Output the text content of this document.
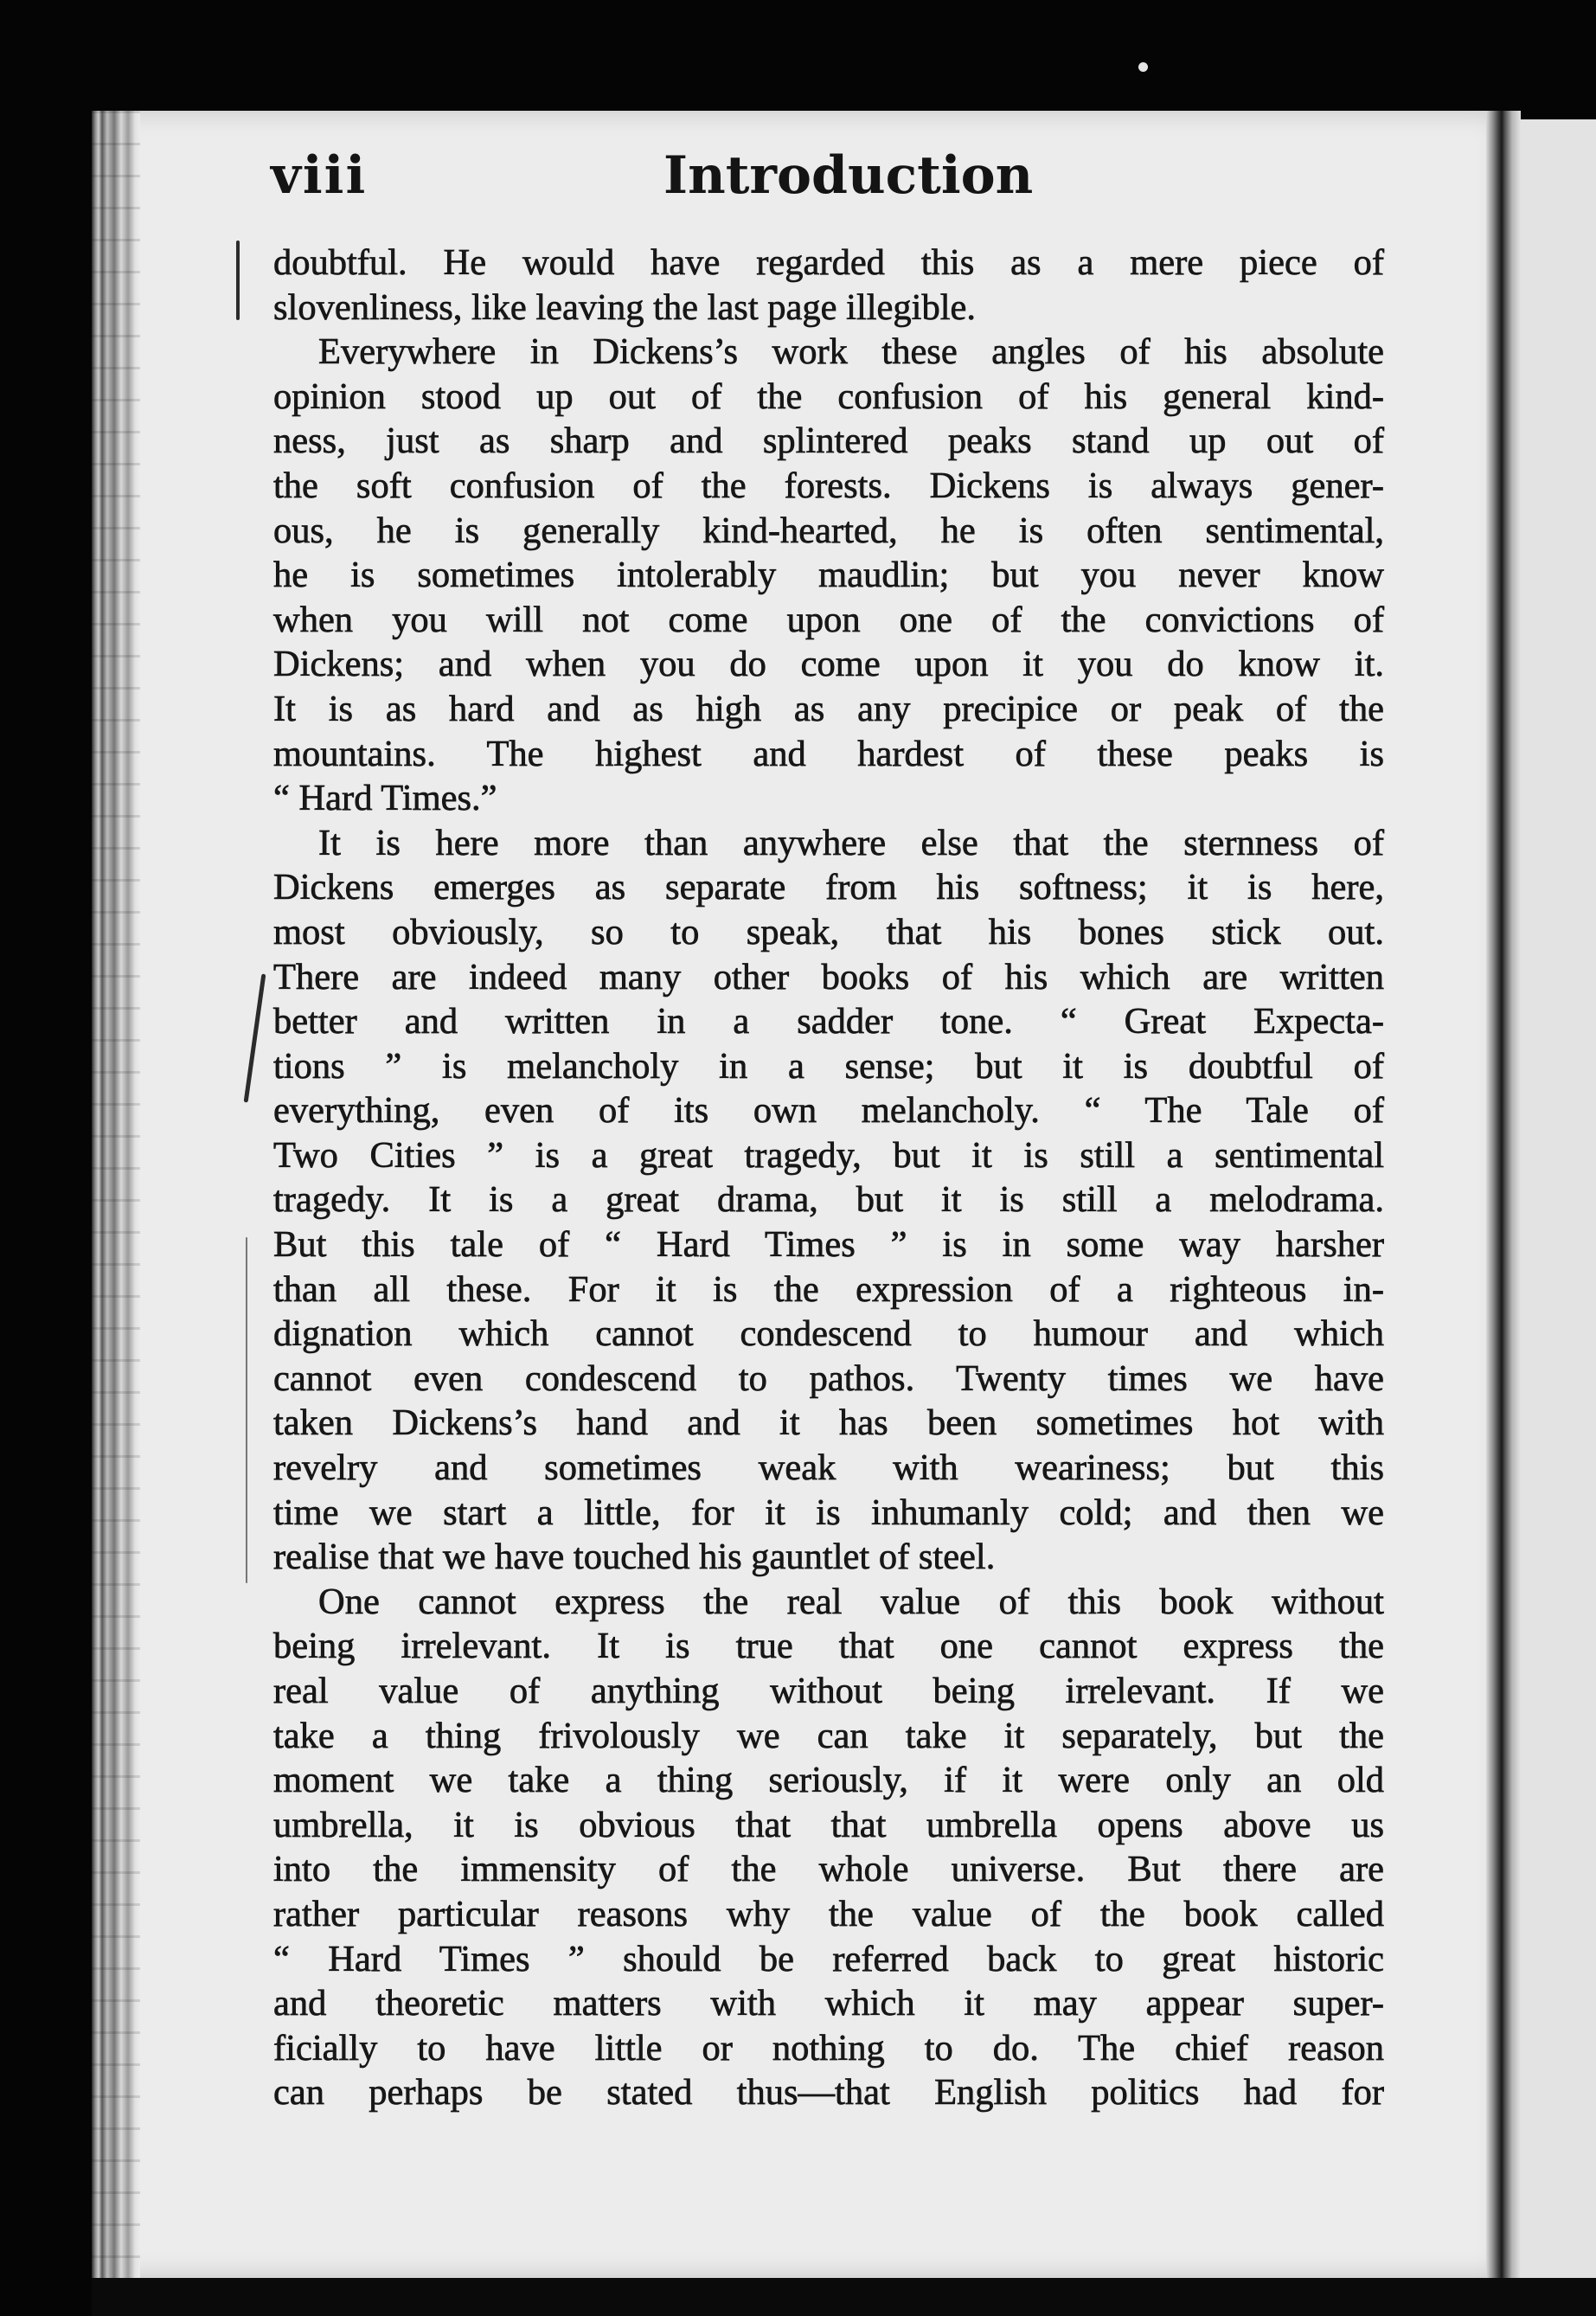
viii	Introduction

doubtful. He would have regarded this as a mere piece of
slovenliness, like leaving the last page illegible.

Everywhere in Dickens’s work these angles of his absolute
opinion stood up out of the confusion of his general kind-
ness, just as sharp and splintered peaks stand up out of
the soft confusion of the forests. Dickens is always gener-
ous, he is generally kind-hearted, he is often sentimental,
he is sometimes intolerably maudlin; but you never know
when you will not come upon one of the convictions of
Dickens; and when you do come upon it you do know it.
It is as hard and as high as any precipice or peak of the
mountains. The highest and hardest of these peaks is
“ Hard Times.”

It is here more than anywhere else that the sternness of
Dickens emerges as separate from his softness; it is here,
most obviously, so to speak, that his bones stick out.
There are indeed many other books of his which are written
better and written in a sadder tone. “ Great Expecta-
tions ” is melancholy in a sense; but it is doubtful of
everything, even of its own melancholy. “ The Tale of
Two Cities ” is a great tragedy, but it is still a sentimental
tragedy. It is a great drama, but it is still a melodrama.
But this tale of “ Hard Times ” is in some way harsher
than all these. For it is the expression of a righteous in-
dignation which cannot condescend to humour and which
cannot even condescend to pathos. Twenty times we have
taken Dickens’s hand and it has been sometimes hot with
revelry and sometimes weak with weariness; but this
time we start a little, for it is inhumanly cold; and then we
realise that we have touched his gauntlet of steel.

One cannot express the real value of this book without
being irrelevant. It is true that one cannot express the
real value of anything without being irrelevant. If we
take a thing frivolously we can take it separately, but the
moment we take a thing seriously, if it were only an old
umbrella, it is obvious that that umbrella opens above us
into the immensity of the whole universe. But there are
rather particular reasons why the value of the book called
“ Hard Times ” should be referred back to great historic
and theoretic matters with which it may appear super-
ficially to have little or nothing to do. The chief reason
can perhaps be stated thus—that English politics had for
